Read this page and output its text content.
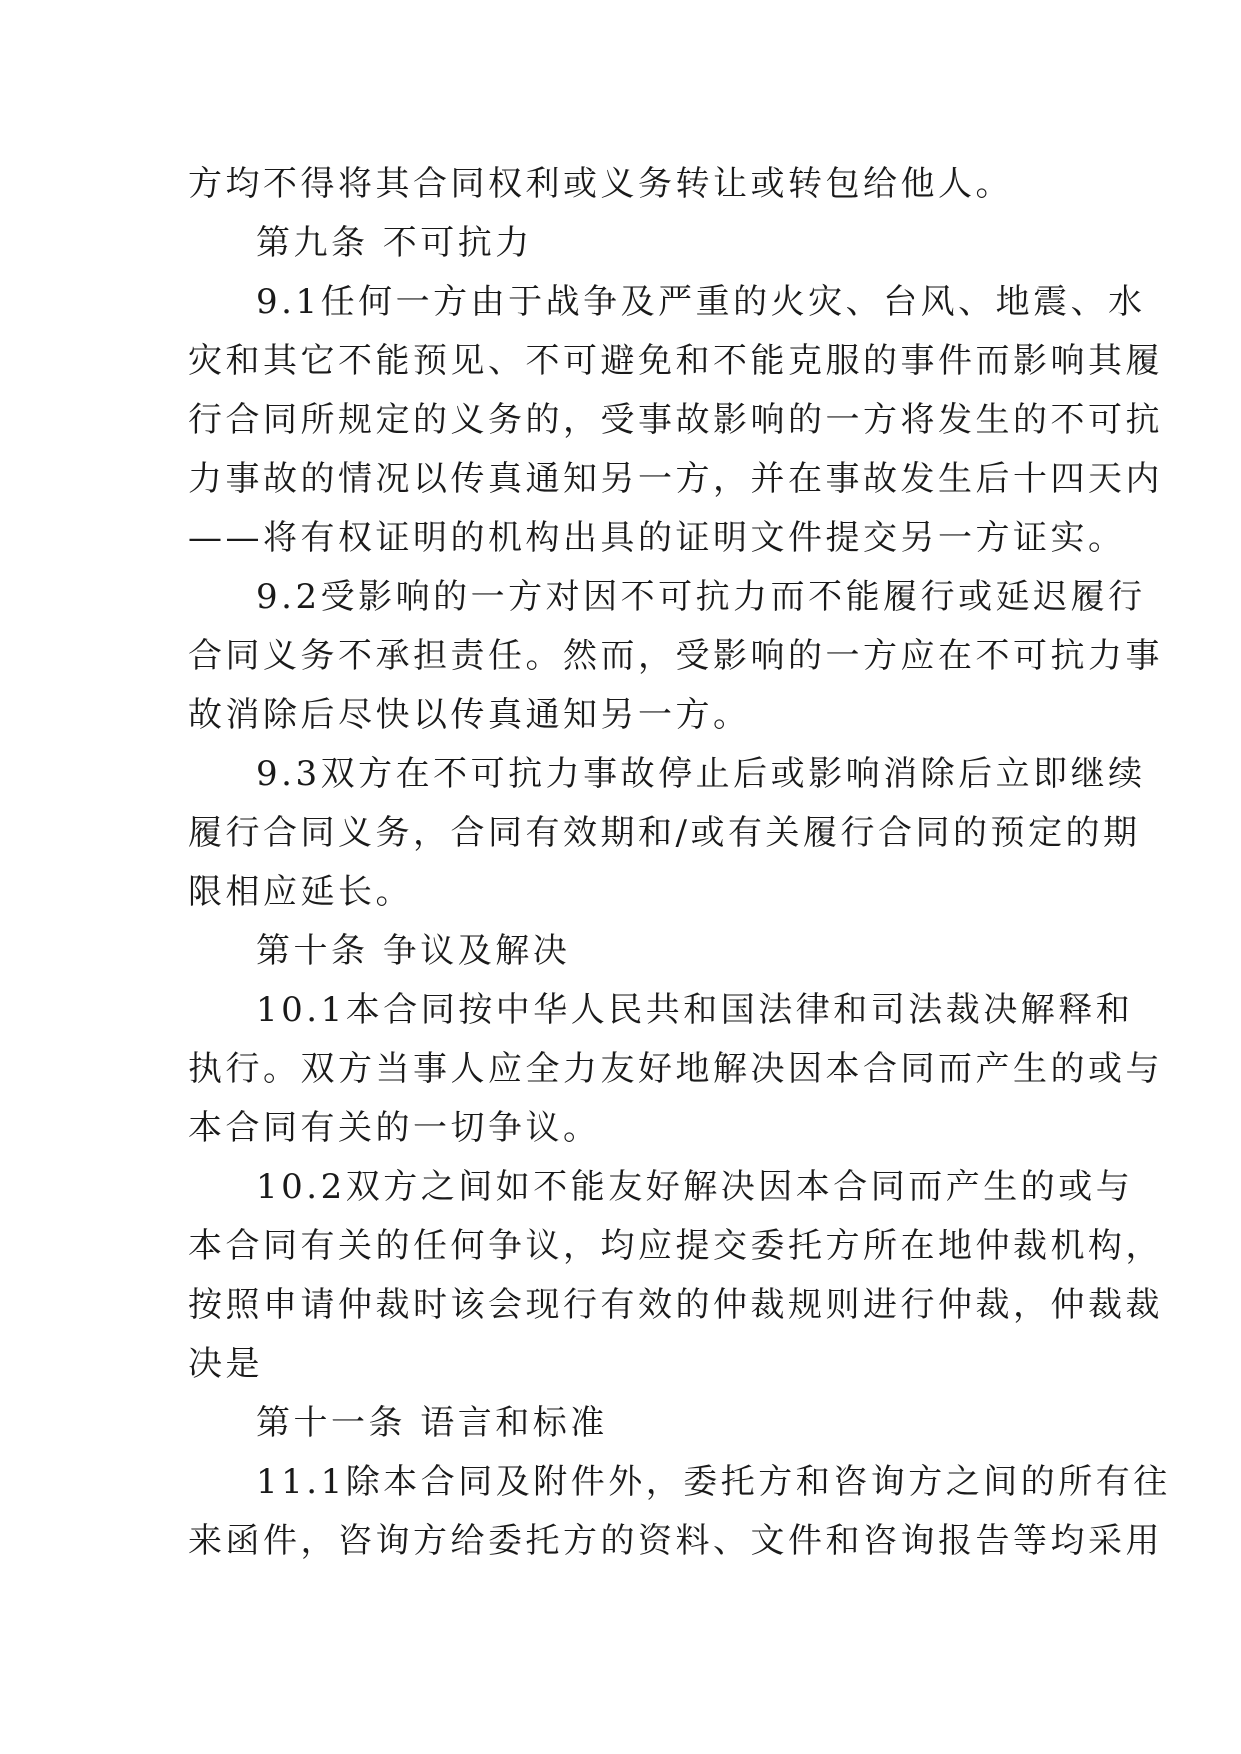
方均不得将其合同权利或义务转让或转包给他人。
第九条 不可抗力
9.1任何一方由于战争及严重的火灾、台风、地震、水
灾和其它不能预见、不可避免和不能克服的事件而影响其履
行合同所规定的义务的，受事故影响的一方将发生的不可抗
力事故的情况以传真通知另一方，并在事故发生后十四天内
——将有权证明的机构出具的证明文件提交另一方证实。
9.2受影响的一方对因不可抗力而不能履行或延迟履行
合同义务不承担责任。然而，受影响的一方应在不可抗力事
故消除后尽快以传真通知另一方。
9.3双方在不可抗力事故停止后或影响消除后立即继续
履行合同义务，合同有效期和/或有关履行合同的预定的期
限相应延长。
第十条 争议及解决
10.1本合同按中华人民共和国法律和司法裁决解释和
执行。双方当事人应全力友好地解决因本合同而产生的或与
本合同有关的一切争议。
10.2双方之间如不能友好解决因本合同而产生的或与
本合同有关的任何争议，均应提交委托方所在地仲裁机构，
按照申请仲裁时该会现行有效的仲裁规则进行仲裁，仲裁裁
决是
第十一条 语言和标准
11.1除本合同及附件外，委托方和咨询方之间的所有往
来函件，咨询方给委托方的资料、文件和咨询报告等均采用
